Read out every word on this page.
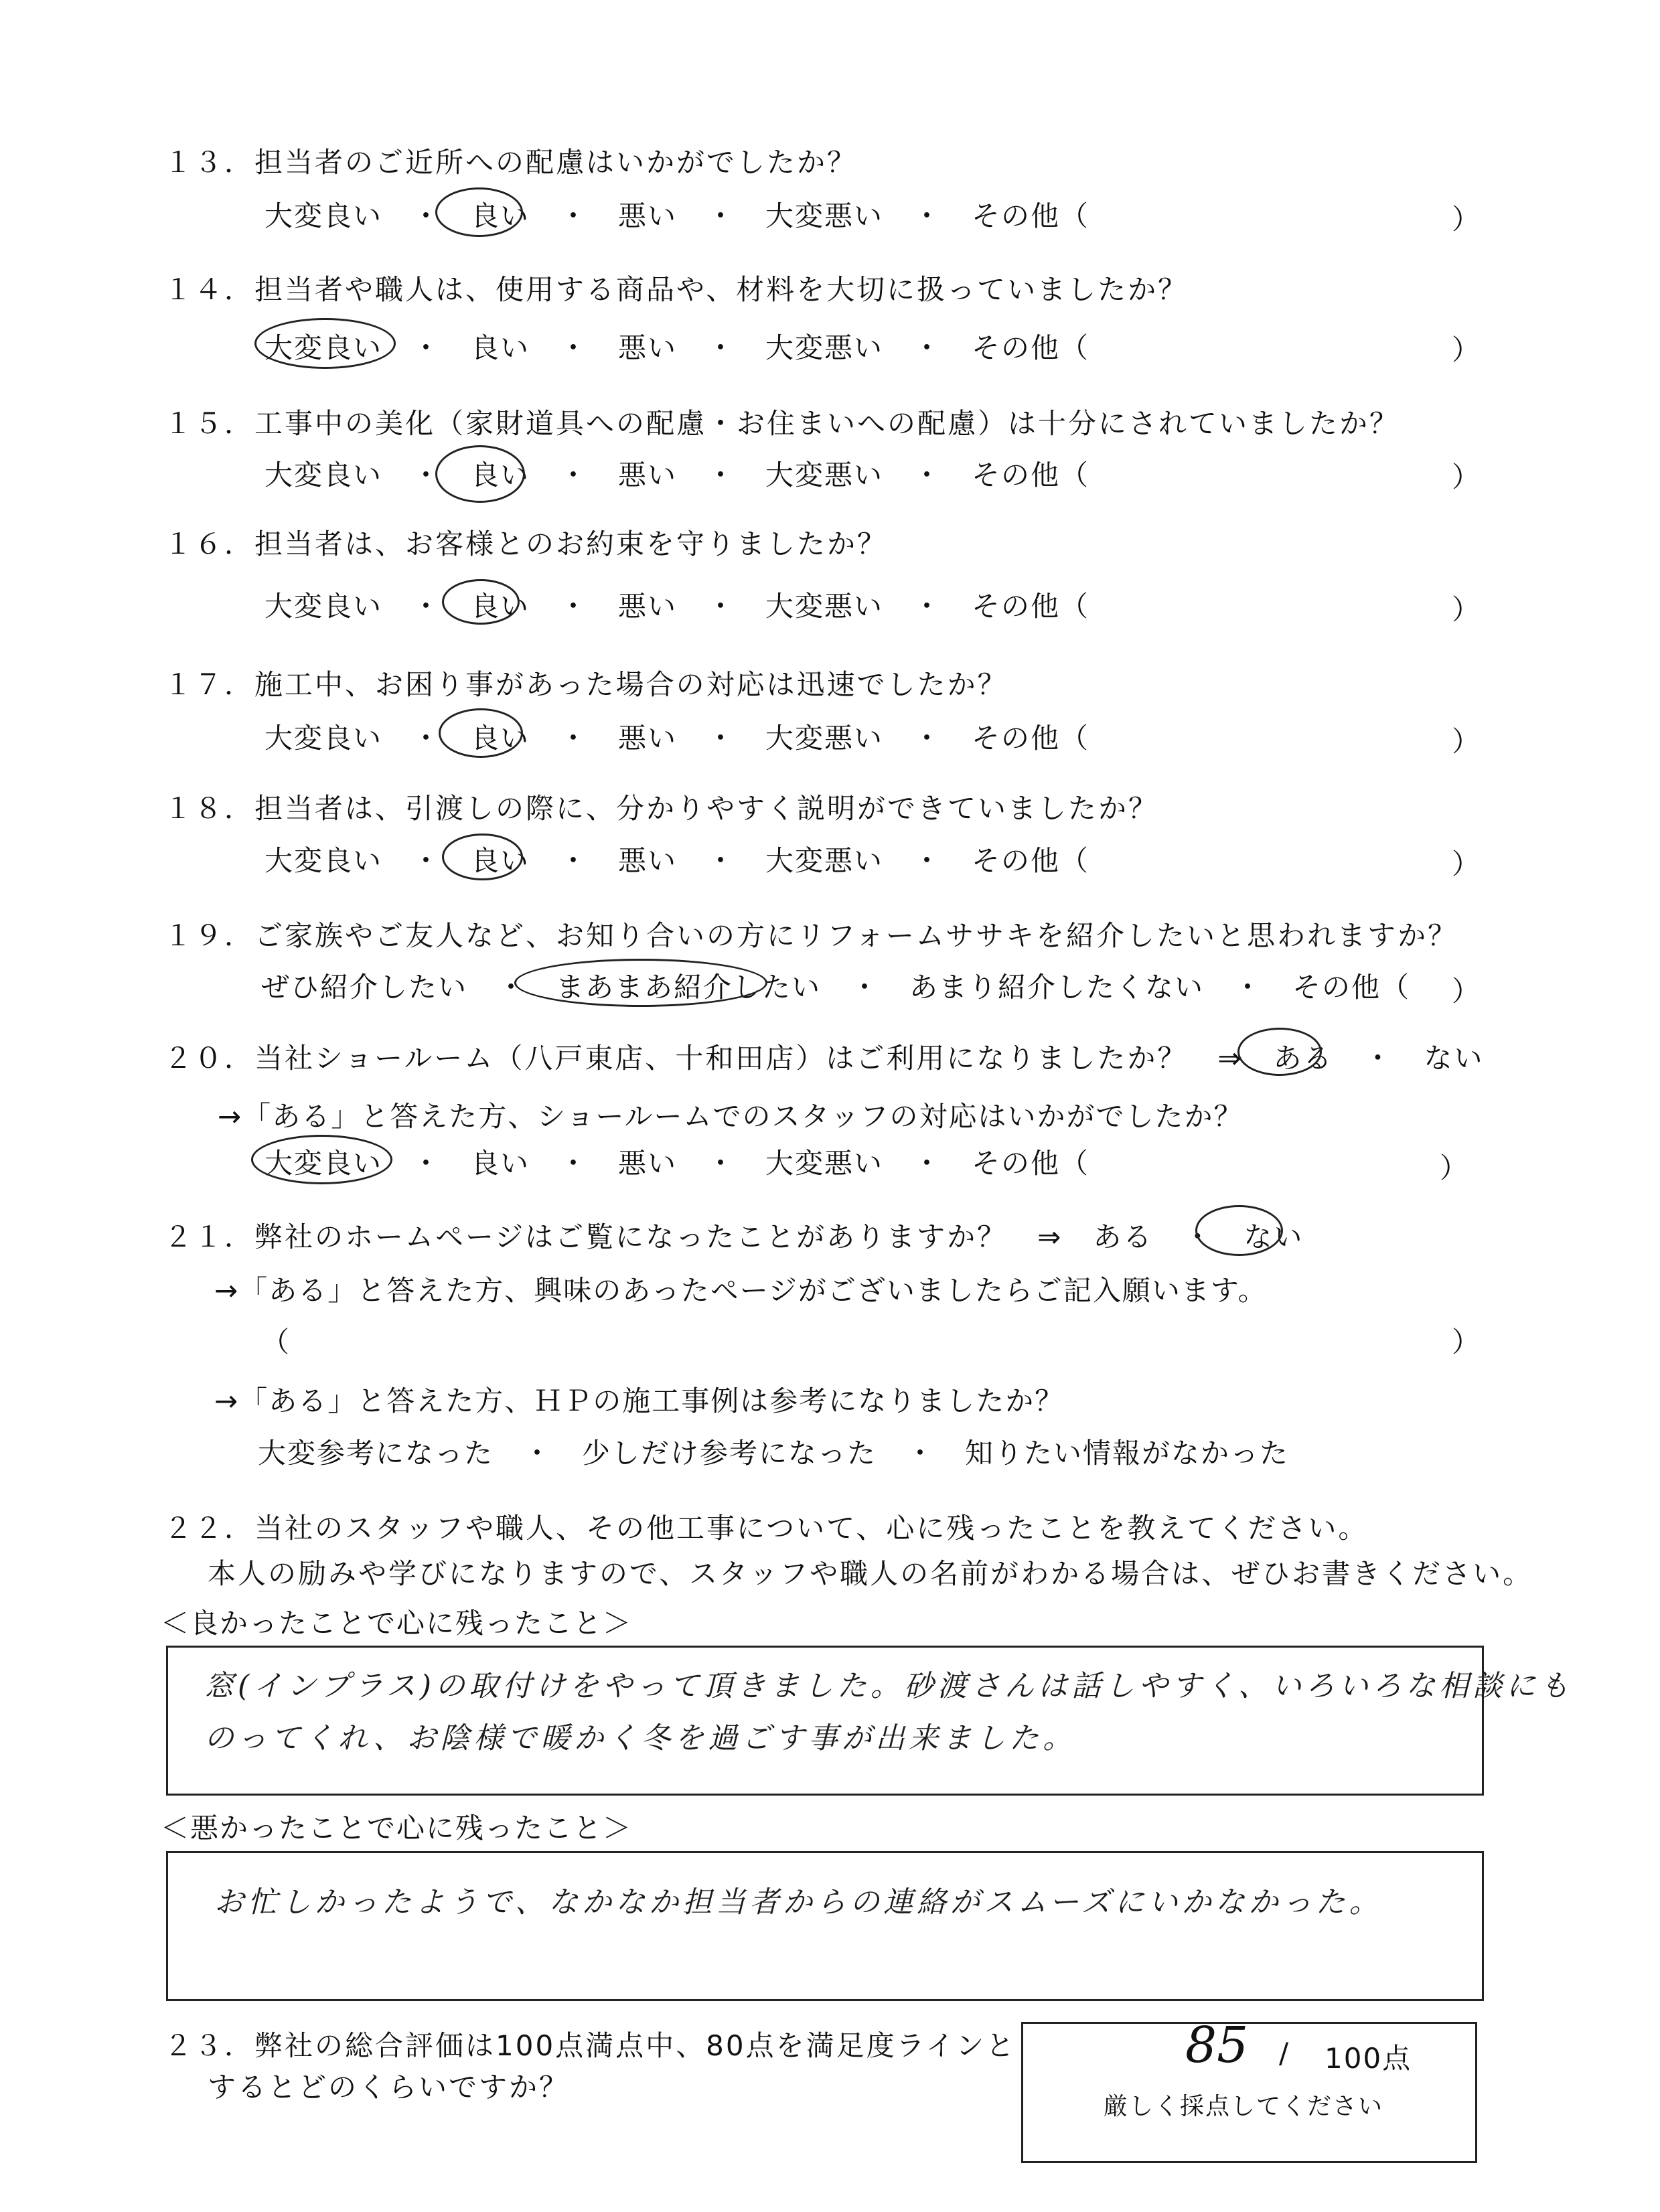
１３．担当者のご近所への配慮はいかがでしたか？
大変良い　・　良い　・　悪い　・　大変悪い　・　その他（	）
１４．担当者や職人は、使用する商品や、材料を大切に扱っていましたか？
大変良い　・　良い　・　悪い　・　大変悪い　・　その他（	）
１５．工事中の美化（家財道具への配慮・お住まいへの配慮）は十分にされていましたか？
大変良い　・　良い　・　悪い　・　大変悪い　・　その他（	）
１６．担当者は、お客様とのお約束を守りましたか？
大変良い　・　良い　・　悪い　・　大変悪い　・　その他（	）
１７．施工中、お困り事があった場合の対応は迅速でしたか？
大変良い　・　良い　・　悪い　・　大変悪い　・　その他（	）
１８．担当者は、引渡しの際に、分かりやすく説明ができていましたか？
大変良い　・　良い　・　悪い　・　大変悪い　・　その他（	）
１９．ご家族やご友人など、お知り合いの方にリフォームササキを紹介したいと思われますか？
ぜひ紹介したい　・　まあまあ紹介したい　・　あまり紹介したくない　・　その他（ ）
２０．当社ショールーム（八戸東店、十和田店）はご利用になりましたか？　⇒　ある　・　ない
→「ある」と答えた方、ショールームでのスタッフの対応はいかがでしたか？
大変良い　・　良い　・　悪い　・　大変悪い　・　その他（	）
２１．弊社のホームページはご覧になったことがありますか？　⇒　ある　・　ない
→「ある」と答えた方、興味のあったページがございましたらご記入願います。
（	）
→「ある」と答えた方、ＨＰの施工事例は参考になりましたか？
大変参考になった　・　少しだけ参考になった　・　知りたい情報がなかった
２２．当社のスタッフや職人、その他工事について、心に残ったことを教えてください。
本人の励みや学びになりますので、スタッフや職人の名前がわかる場合は、ぜひお書きください。
＜良かったことで心に残ったこと＞
窓(インプラス)の取付けをやって頂きました。砂渡さんは話しやすく、いろいろな相談にも
のってくれ、お陰様で暖かく冬を過ごす事が出来ました。
＜悪かったことで心に残ったこと＞
お忙しかったようで、なかなか担当者からの連絡がスムーズにいかなかった。
２３．弊社の総合評価は100点満点中、80点を満足度ラインと
するとどのくらいですか？
85 / 100点
厳しく採点してください
